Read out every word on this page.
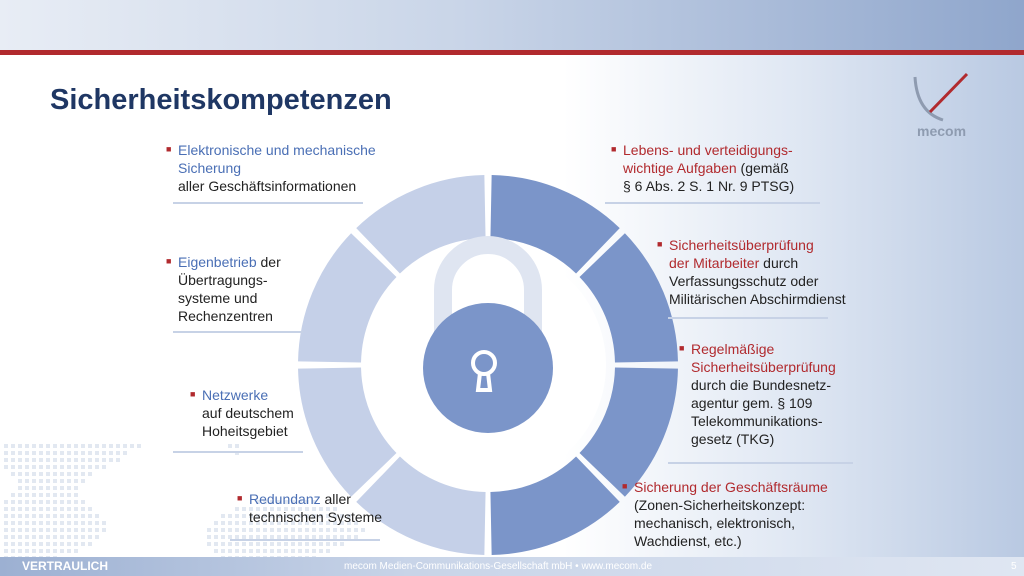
Sicherheitskompetenzen
mecom
■ Elektronische und mechanische
Sicherung
aller Geschäftsinformationen
■ Eigenbetrieb der
Übertragungs-
systeme und
Rechenzentren
■ Netzwerke
auf deutschem
Hoheitsgebiet
■ Redundanz aller
technischen Systeme
■ Lebens- und verteidigungs-
wichtige Aufgaben (gemäß
§ 6 Abs. 2 S. 1 Nr. 9 PTSG)
■ Sicherheitsüberprüfung
der Mitarbeiter durch
Verfassungsschutz oder
Militärischen Abschirmdienst
■ Regelmäßige
Sicherheitsüberprüfung
durch die Bundesnetz-
agentur gem. § 109
Telekommunikations-
gesetz (TKG)
■ Sicherung der Geschäftsräume
(Zonen-Sicherheitskonzept:
mechanisch, elektronisch,
Wachdienst, etc.)
VERTRAULICH	mecom Medien-Communikations-Gesellschaft mbH • www.mecom.de	5
